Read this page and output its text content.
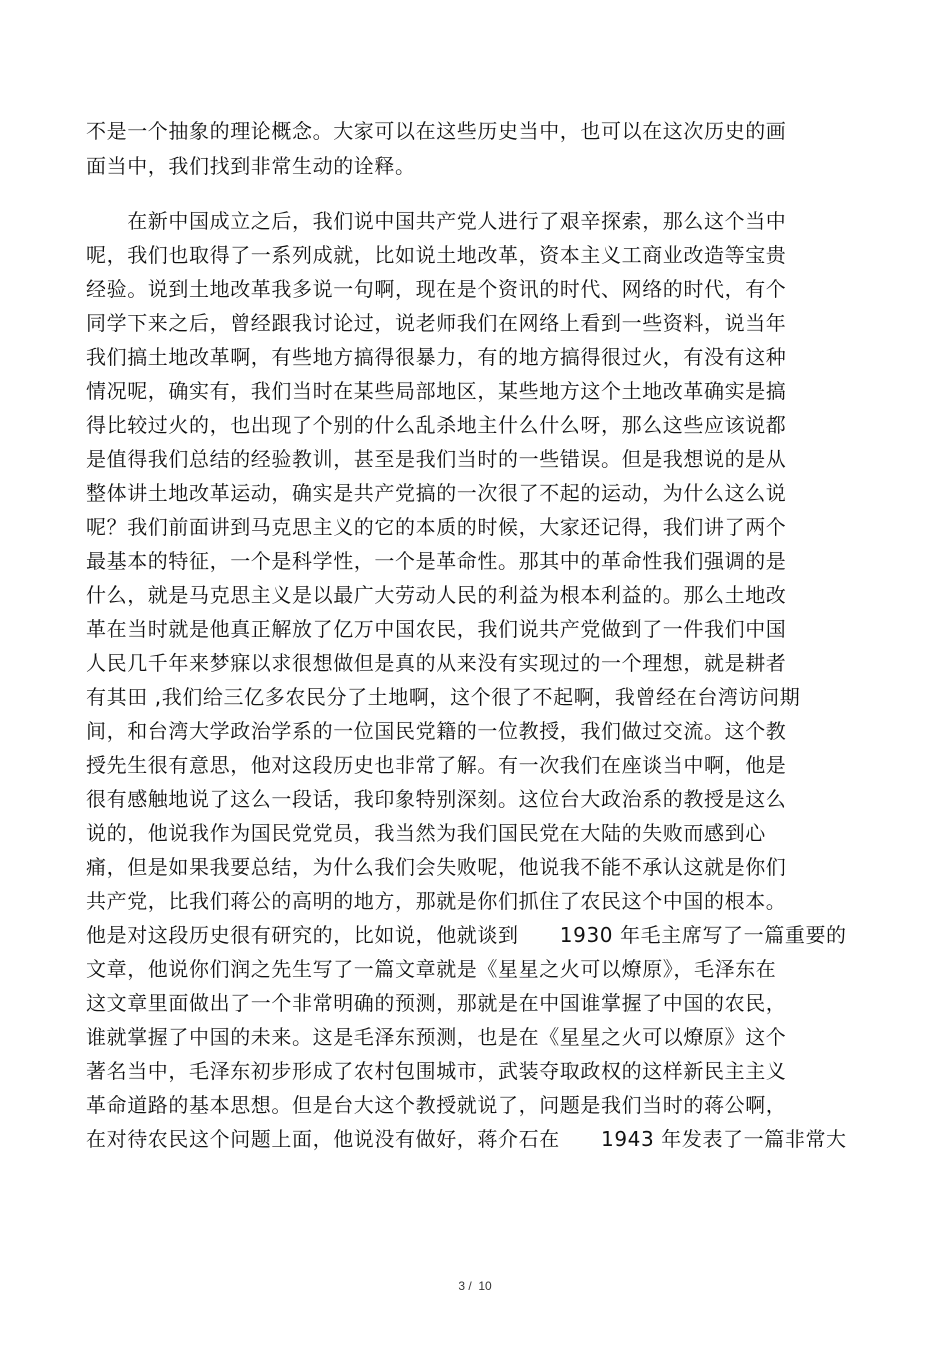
不是一个抽象的理论概念。大家可以在这些历史当中，也可以在这次历史的画
面当中，我们找到非常生动的诠释。
　　在新中国成立之后，我们说中国共产党人进行了艰辛探索，那么这个当中
呢，我们也取得了一系列成就，比如说土地改革，资本主义工商业改造等宝贵
经验。说到土地改革我多说一句啊，现在是个资讯的时代、网络的时代，有个
同学下来之后，曾经跟我讨论过，说老师我们在网络上看到一些资料，说当年
我们搞土地改革啊，有些地方搞得很暴力，有的地方搞得很过火，有没有这种
情况呢，确实有，我们当时在某些局部地区，某些地方这个土地改革确实是搞
得比较过火的，也出现了个别的什么乱杀地主什么什么呀，那么这些应该说都
是值得我们总结的经验教训，甚至是我们当时的一些错误。但是我想说的是从
整体讲土地改革运动，确实是共产党搞的一次很了不起的运动，为什么这么说
呢？我们前面讲到马克思主义的它的本质的时候，大家还记得，我们讲了两个
最基本的特征，一个是科学性，一个是革命性。那其中的革命性我们强调的是
什么，就是马克思主义是以最广大劳动人民的利益为根本利益的。那么土地改
革在当时就是他真正解放了亿万中国农民，我们说共产党做到了一件我们中国
人民几千年来梦寐以求很想做但是真的从来没有实现过的一个理想，就是耕者
有其田 ,我们给三亿多农民分了土地啊，这个很了不起啊，我曾经在台湾访问期
间，和台湾大学政治学系的一位国民党籍的一位教授，我们做过交流。这个教
授先生很有意思，他对这段历史也非常了解。有一次我们在座谈当中啊，他是
很有感触地说了这么一段话，我印象特别深刻。这位台大政治系的教授是这么
说的，他说我作为国民党党员，我当然为我们国民党在大陆的失败而感到心
痛，但是如果我要总结，为什么我们会失败呢，他说我不能不承认这就是你们
共产党，比我们蒋公的高明的地方，那就是你们抓住了农民这个中国的根本。
他是对这段历史很有研究的，比如说，他就谈到　　1930 年毛主席写了一篇重要的
文章，他说你们润之先生写了一篇文章就是《星星之火可以燎原》，毛泽东在
这文章里面做出了一个非常明确的预测，那就是在中国谁掌握了中国的农民，
谁就掌握了中国的未来。这是毛泽东预测，也是在《星星之火可以燎原》这个
著名当中，毛泽东初步形成了农村包围城市，武装夺取政权的这样新民主主义
革命道路的基本思想。但是台大这个教授就说了，问题是我们当时的蒋公啊，
在对待农民这个问题上面，他说没有做好，蒋介石在　　1943 年发表了一篇非常大
3 /  10
